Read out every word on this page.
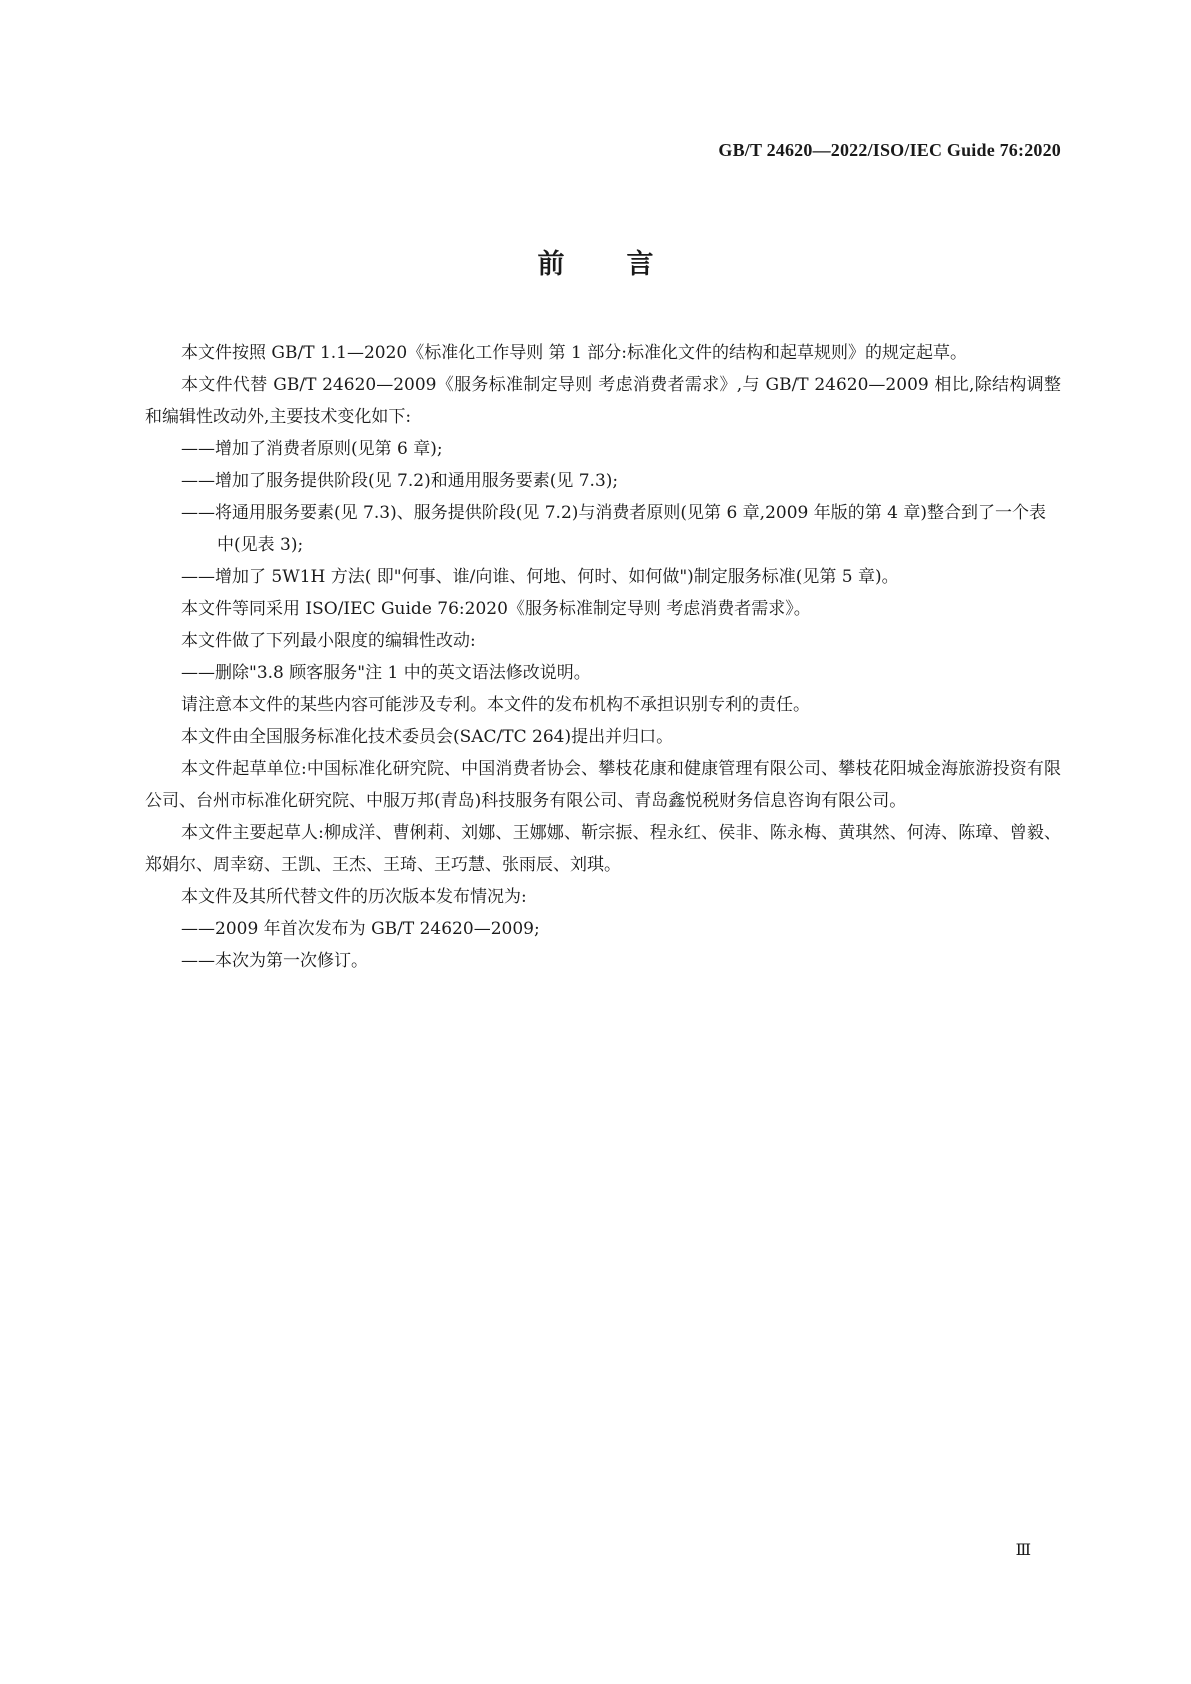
GB/T 24620—2022/ISO/IEC Guide 76:2020
前言

本文件按照 GB/T 1.1—2020《标准化工作导则 第 1 部分:标准化文件的结构和起草规则》的规定起草。

本文件代替 GB/T 24620—2009《服务标准制定导则 考虑消费者需求》,与 GB/T 24620—2009 相比,除结构调整和编辑性改动外,主要技术变化如下:

——增加了消费者原则(见第 6 章);

——增加了服务提供阶段(见 7.2)和通用服务要素(见 7.3);

——将通用服务要素(见 7.3)、服务提供阶段(见 7.2)与消费者原则(见第 6 章,2009 年版的第 4 章)整合到了一个表中(见表 3);

——增加了 5W1H 方法( 即"何事、谁/向谁、何地、何时、如何做")制定服务标准(见第 5 章)。

本文件等同采用 ISO/IEC Guide 76:2020《服务标准制定导则 考虑消费者需求》。

本文件做了下列最小限度的编辑性改动:

——删除"3.8 顾客服务"注 1 中的英文语法修改说明。

请注意本文件的某些内容可能涉及专利。本文件的发布机构不承担识别专利的责任。

本文件由全国服务标准化技术委员会(SAC/TC 264)提出并归口。

本文件起草单位:中国标准化研究院、中国消费者协会、攀枝花康和健康管理有限公司、攀枝花阳城金海旅游投资有限公司、台州市标准化研究院、中服万邦(青岛)科技服务有限公司、青岛鑫悦税财务信息咨询有限公司。

本文件主要起草人:柳成洋、曹俐莉、刘娜、王娜娜、靳宗振、程永红、侯非、陈永梅、黄琪然、何涛、陈璋、曾毅、郑娟尔、周幸窈、王凯、王杰、王琦、王巧慧、张雨辰、刘琪。

本文件及其所代替文件的历次版本发布情况为:

——2009 年首次发布为 GB/T 24620—2009;

——本次为第一次修订。

Ⅲ
